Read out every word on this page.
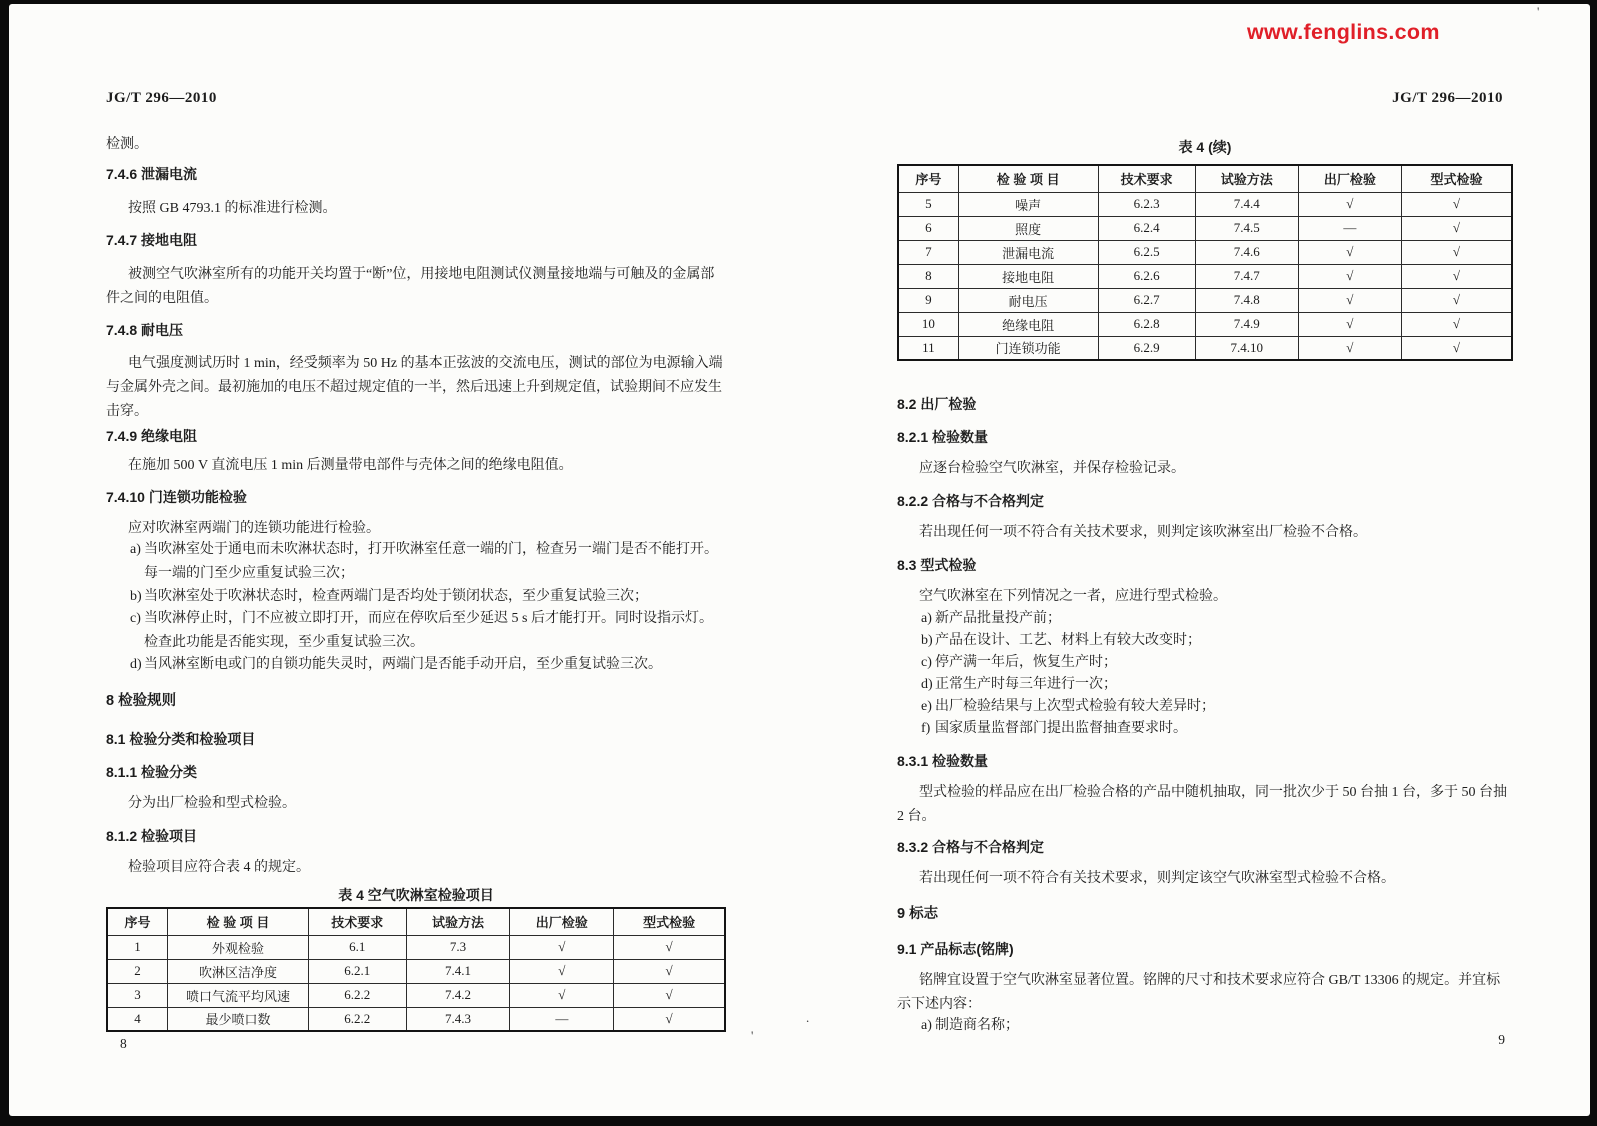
www.fenglins.com
'
.
'
JG/T 296—2010
检测。
7.4.6 泄漏电流
按照 GB 4793.1 的标准进行检测。
7.4.7 接地电阻
被测空气吹淋室所有的功能开关均置于“断”位，用接地电阻测试仪测量接地端与可触及的金属部件之间的电阻值。
7.4.8 耐电压
电气强度测试历时 1 min，经受频率为 50 Hz 的基本正弦波的交流电压，测试的部位为电源输入端与金属外壳之间。最初施加的电压不超过规定值的一半，然后迅速上升到规定值，试验期间不应发生击穿。
7.4.9 绝缘电阻
在施加 500 V 直流电压 1 min 后测量带电部件与壳体之间的绝缘电阻值。
7.4.10 门连锁功能检验
应对吹淋室两端门的连锁功能进行检验。
a) 当吹淋室处于通电而未吹淋状态时，打开吹淋室任意一端的门，检查另一端门是否不能打开。每一端的门至少应重复试验三次；
b) 当吹淋室处于吹淋状态时，检查两端门是否均处于锁闭状态，至少重复试验三次；
c) 当吹淋停止时，门不应被立即打开，而应在停吹后至少延迟 5 s 后才能打开。同时设指示灯。检查此功能是否能实现，至少重复试验三次。
d) 当风淋室断电或门的自锁功能失灵时，两端门是否能手动开启，至少重复试验三次。
8 检验规则
8.1 检验分类和检验项目
8.1.1 检验分类
分为出厂检验和型式检验。
8.1.2 检验项目
检验项目应符合表 4 的规定。
表 4 空气吹淋室检验项目
序号	检 验 项 目	技术要求	试验方法	出厂检验	型式检验
1	外观检验	6.1	7.3	√	√
2	吹淋区洁净度	6.2.1	7.4.1	√	√
3	喷口气流平均风速	6.2.2	7.4.2	√	√
4	最少喷口数	6.2.2	7.4.3	—	√
8
JG/T 296—2010
表 4 (续)
序号	检 验 项 目	技术要求	试验方法	出厂检验	型式检验
5	噪声	6.2.3	7.4.4	√	√
6	照度	6.2.4	7.4.5	—	√
7	泄漏电流	6.2.5	7.4.6	√	√
8	接地电阻	6.2.6	7.4.7	√	√
9	耐电压	6.2.7	7.4.8	√	√
10	绝缘电阻	6.2.8	7.4.9	√	√
11	门连锁功能	6.2.9	7.4.10	√	√
8.2 出厂检验
8.2.1 检验数量
应逐台检验空气吹淋室，并保存检验记录。
8.2.2 合格与不合格判定
若出现任何一项不符合有关技术要求，则判定该吹淋室出厂检验不合格。
8.3 型式检验
空气吹淋室在下列情况之一者，应进行型式检验。
a) 新产品批量投产前；
b) 产品在设计、工艺、材料上有较大改变时；
c) 停产满一年后，恢复生产时；
d) 正常生产时每三年进行一次；
e) 出厂检验结果与上次型式检验有较大差异时；
f) 国家质量监督部门提出监督抽查要求时。
8.3.1 检验数量
型式检验的样品应在出厂检验合格的产品中随机抽取，同一批次少于 50 台抽 1 台，多于 50 台抽 2 台。
8.3.2 合格与不合格判定
若出现任何一项不符合有关技术要求，则判定该空气吹淋室型式检验不合格。
9 标志
9.1 产品标志(铭牌)
铭牌宜设置于空气吹淋室显著位置。铭牌的尺寸和技术要求应符合 GB/T 13306 的规定。并宜标示下述内容：
a) 制造商名称；
9
